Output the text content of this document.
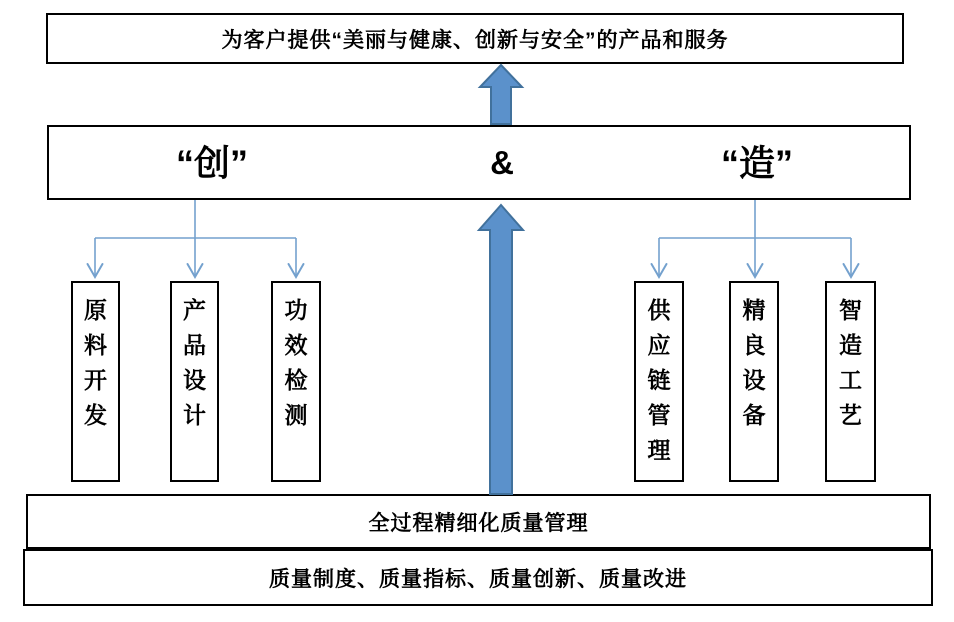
为客户提供“美丽与健康、创新与安全”的产品和服务
“创”	&	“造”
原料开发
产品设计
功效检测
供应链管理
精良设备
智造工艺
全过程精细化质量管理
质量制度、质量指标、质量创新、质量改进
